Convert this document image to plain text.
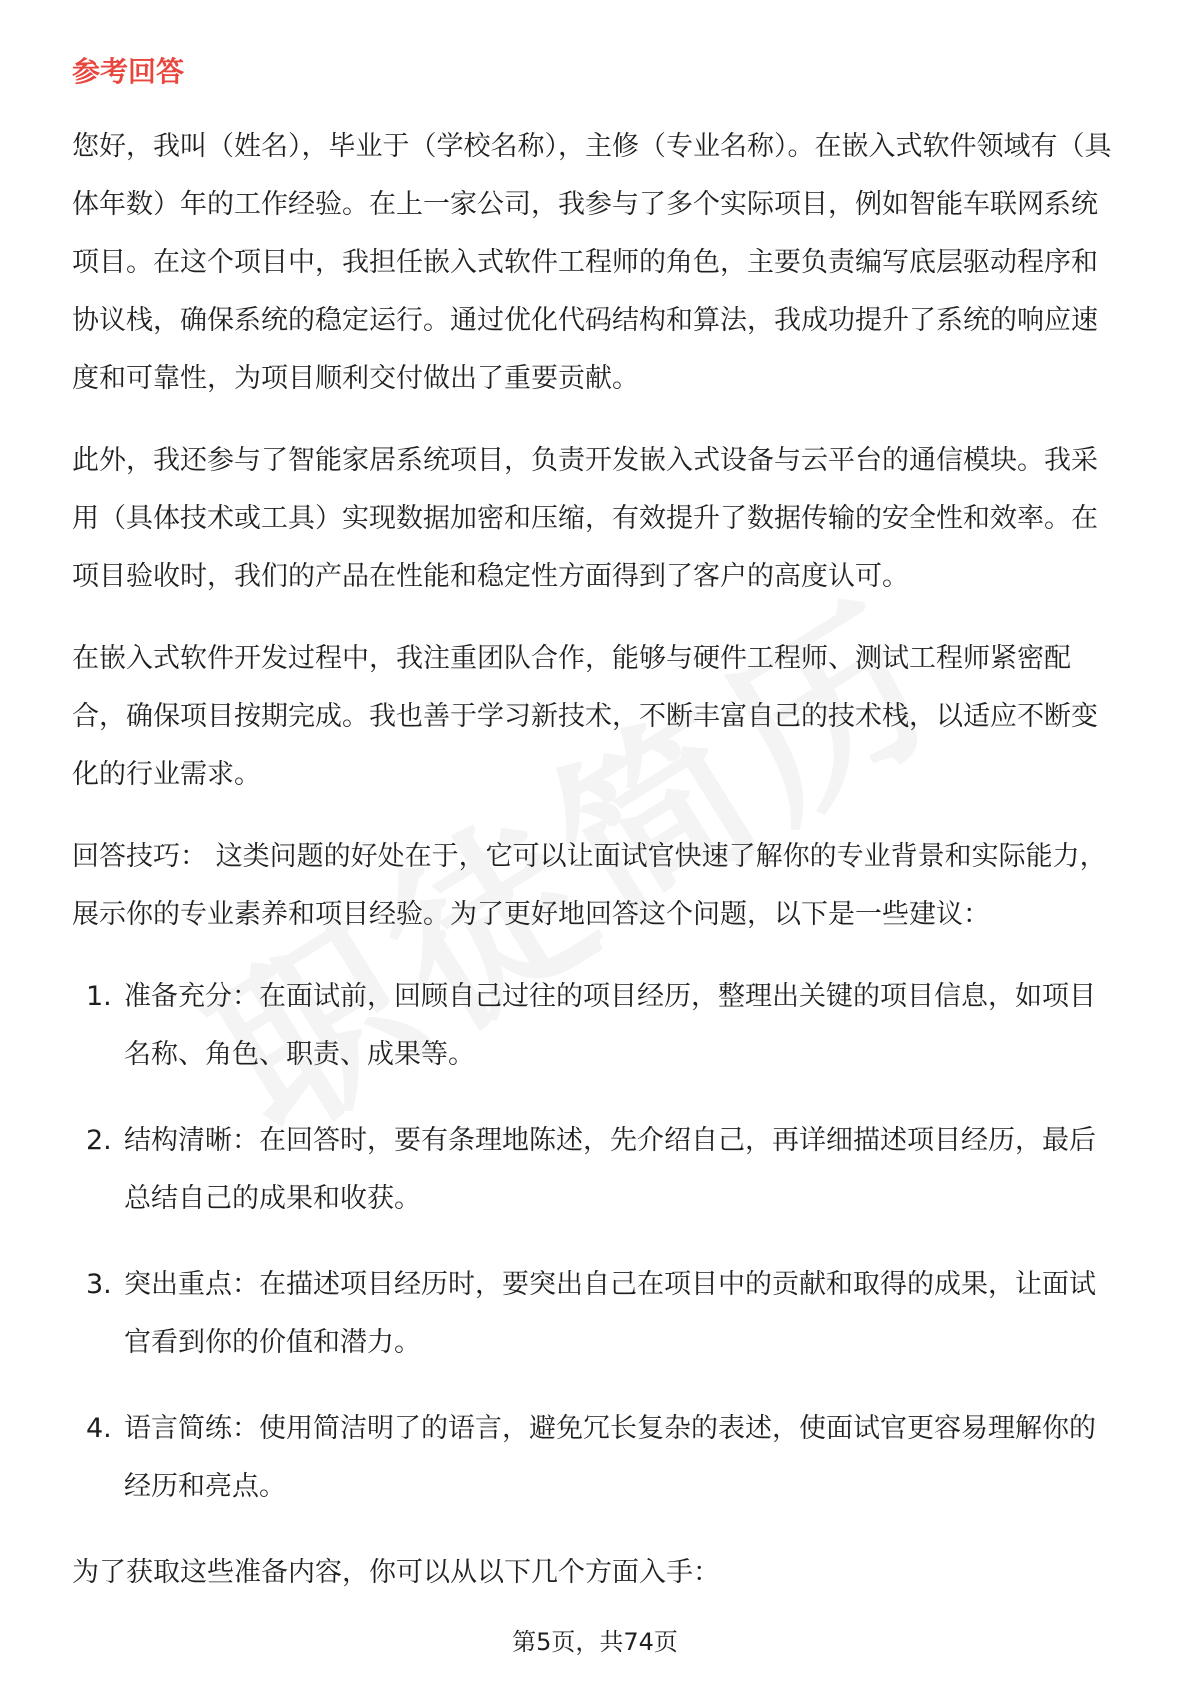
参考回答

您好，我叫（姓名），毕业于（学校名称），主修（专业名称）。在嵌入式软件领域有（具体年数）年的工作经验。在上一家公司，我参与了多个实际项目，例如智能车联网系统项目。在这个项目中，我担任嵌入式软件工程师的角色，主要负责编写底层驱动程序和协议栈，确保系统的稳定运行。通过优化代码结构和算法，我成功提升了系统的响应速度和可靠性，为项目顺利交付做出了重要贡献。

此外，我还参与了智能家居系统项目，负责开发嵌入式设备与云平台的通信模块。我采用（具体技术或工具）实现数据加密和压缩，有效提升了数据传输的安全性和效率。在项目验收时，我们的产品在性能和稳定性方面得到了客户的高度认可。

在嵌入式软件开发过程中，我注重团队合作，能够与硬件工程师、测试工程师紧密配合，确保项目按期完成。我也善于学习新技术，不断丰富自己的技术栈，以适应不断变化的行业需求。

回答技巧： 这类问题的好处在于，它可以让面试官快速了解你的专业背景和实际能力，展示你的专业素养和项目经验。为了更好地回答这个问题，以下是一些建议：

1. 准备充分：在面试前，回顾自己过往的项目经历，整理出关键的项目信息，如项目名称、角色、职责、成果等。
2. 结构清晰：在回答时，要有条理地陈述，先介绍自己，再详细描述项目经历，最后总结自己的成果和收获。
3. 突出重点：在描述项目经历时，要突出自己在项目中的贡献和取得的成果，让面试官看到你的价值和潜力。
4. 语言简练：使用简洁明了的语言，避免冗长复杂的表述，使面试官更容易理解你的经历和亮点。

为了获取这些准备内容，你可以从以下几个方面入手：

第5页，共74页
